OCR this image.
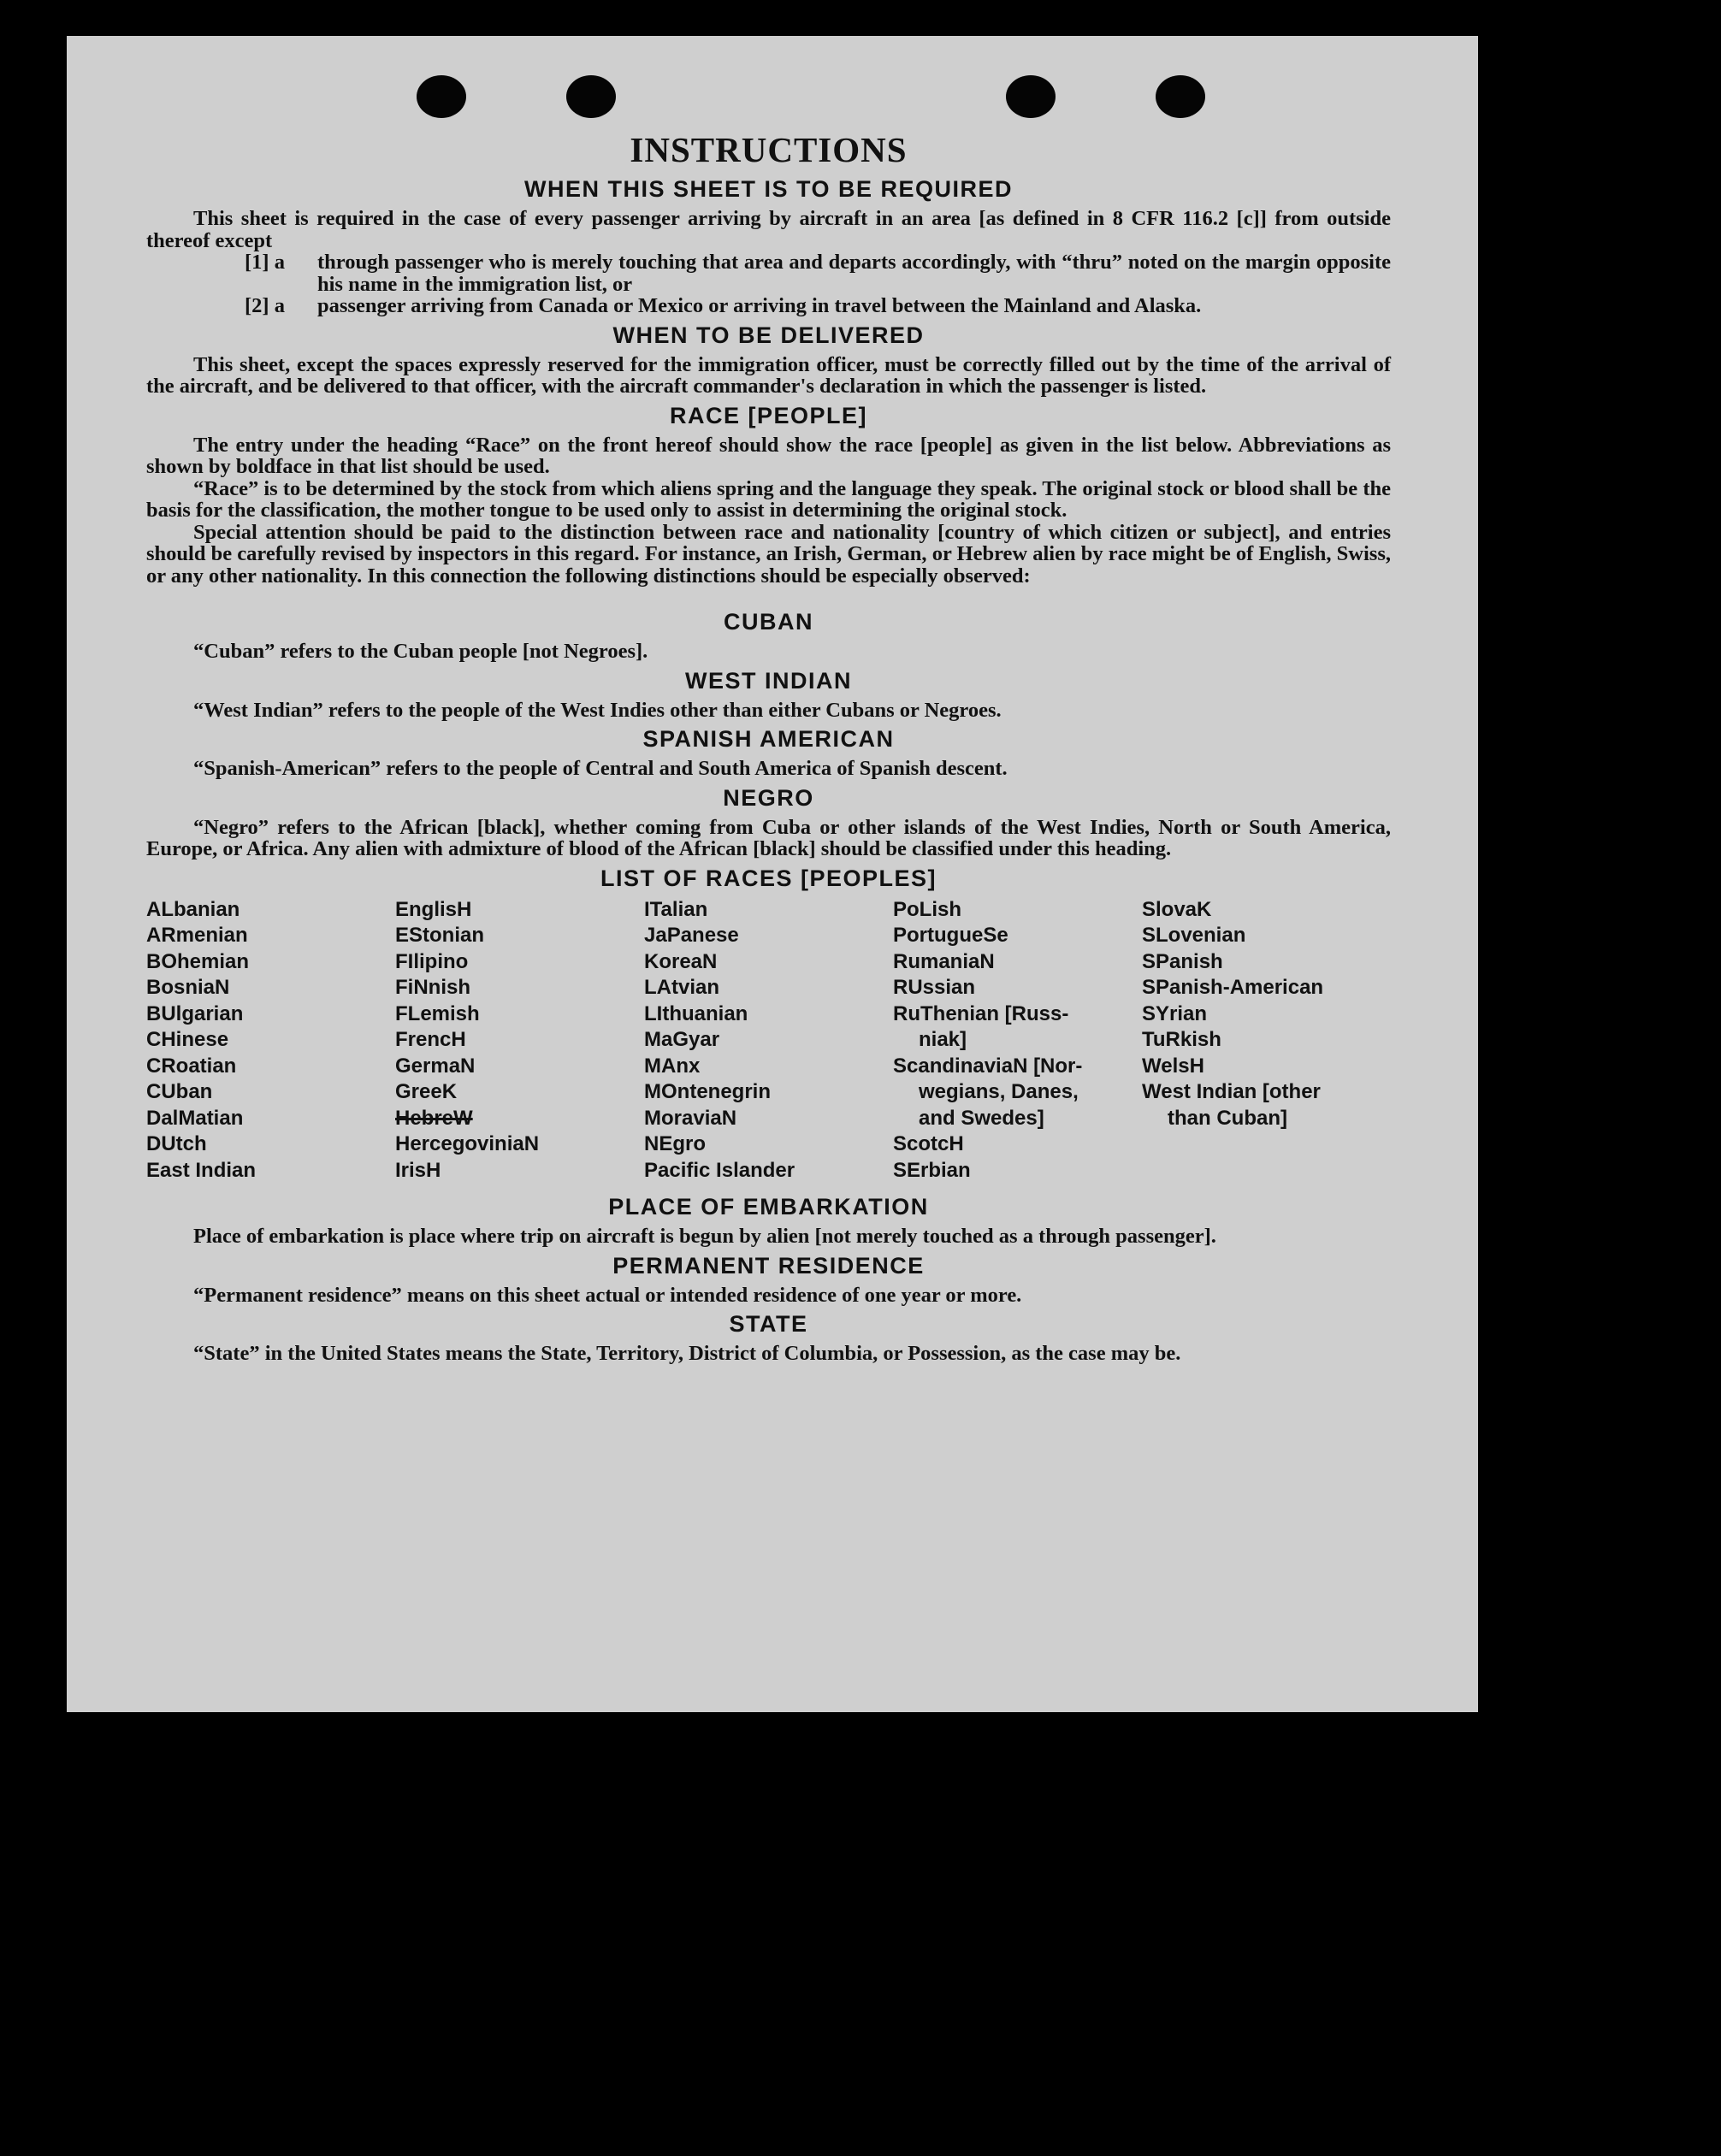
INSTRUCTIONS
WHEN THIS SHEET IS TO BE REQUIRED

This sheet is required in the case of every passenger arriving by aircraft in an area [as defined in 8 CFR 116.2 [c]] from outside thereof except

[1] a	through passenger who is merely touching that area and departs accordingly, with “thru” noted on the margin opposite his name in the immigration list, or
[2] a	passenger arriving from Canada or Mexico or arriving in travel between the Mainland and Alaska.
WHEN TO BE DELIVERED

This sheet, except the spaces expressly reserved for the immigration officer, must be correctly filled out by the time of the arrival of the aircraft, and be delivered to that officer, with the aircraft commander's declaration in which the passenger is listed.

RACE [PEOPLE]

The entry under the heading “Race” on the front hereof should show the race [people] as given in the list below. Abbreviations as shown by boldface in that list should be used.

“Race” is to be determined by the stock from which aliens spring and the language they speak. The original stock or blood shall be the basis for the classification, the mother tongue to be used only to assist in determining the original stock.

Special attention should be paid to the distinction between race and nationality [country of which citizen or subject], and entries should be carefully revised by inspectors in this regard. For instance, an Irish, German, or Hebrew alien by race might be of English, Swiss, or any other nationality. In this connection the following distinctions should be especially observed:

CUBAN

“Cuban” refers to the Cuban people [not Negroes].

WEST INDIAN

“West Indian” refers to the people of the West Indies other than either Cubans or Negroes.

SPANISH AMERICAN

“Spanish-American” refers to the people of Central and South America of Spanish descent.

NEGRO

“Negro” refers to the African [black], whether coming from Cuba or other islands of the West Indies, North or South America, Europe, or Africa. Any alien with admixture of blood of the African [black] should be classified under this heading.

LIST OF RACES [PEOPLES]
ALbanian
ARmenian
BOhemian
BosniaN
BUlgarian
CHinese
CRoatian
CUban
DalMatian
DUtch
East Indian
EnglisH
EStonian
FIlipino
FiNnish
FLemish
FrencH
GermaN
GreeK
HebreW
HercegoviniaN
IrisH
ITalian
JaPanese
KoreaN
LAtvian
LIthuanian
MaGyar
MAnx
MOntenegrin
MoraviaN
NEgro
Pacific Islander
PoLish
PortugueSe
RumaniaN
RUssian
RuThenian [Russ-
niak]
ScandinaviaN [Nor-
wegians, Danes,
and Swedes]
ScotcH
SErbian
SlovaK
SLovenian
SPanish
SPanish-American
SYrian
TuRkish
WelsH
West Indian [other
than Cuban]
PLACE OF EMBARKATION

Place of embarkation is place where trip on aircraft is begun by alien [not merely touched as a through passenger].

PERMANENT RESIDENCE

“Permanent residence” means on this sheet actual or intended residence of one year or more.

STATE

“State” in the United States means the State, Territory, District of Columbia, or Possession, as the case may be.
